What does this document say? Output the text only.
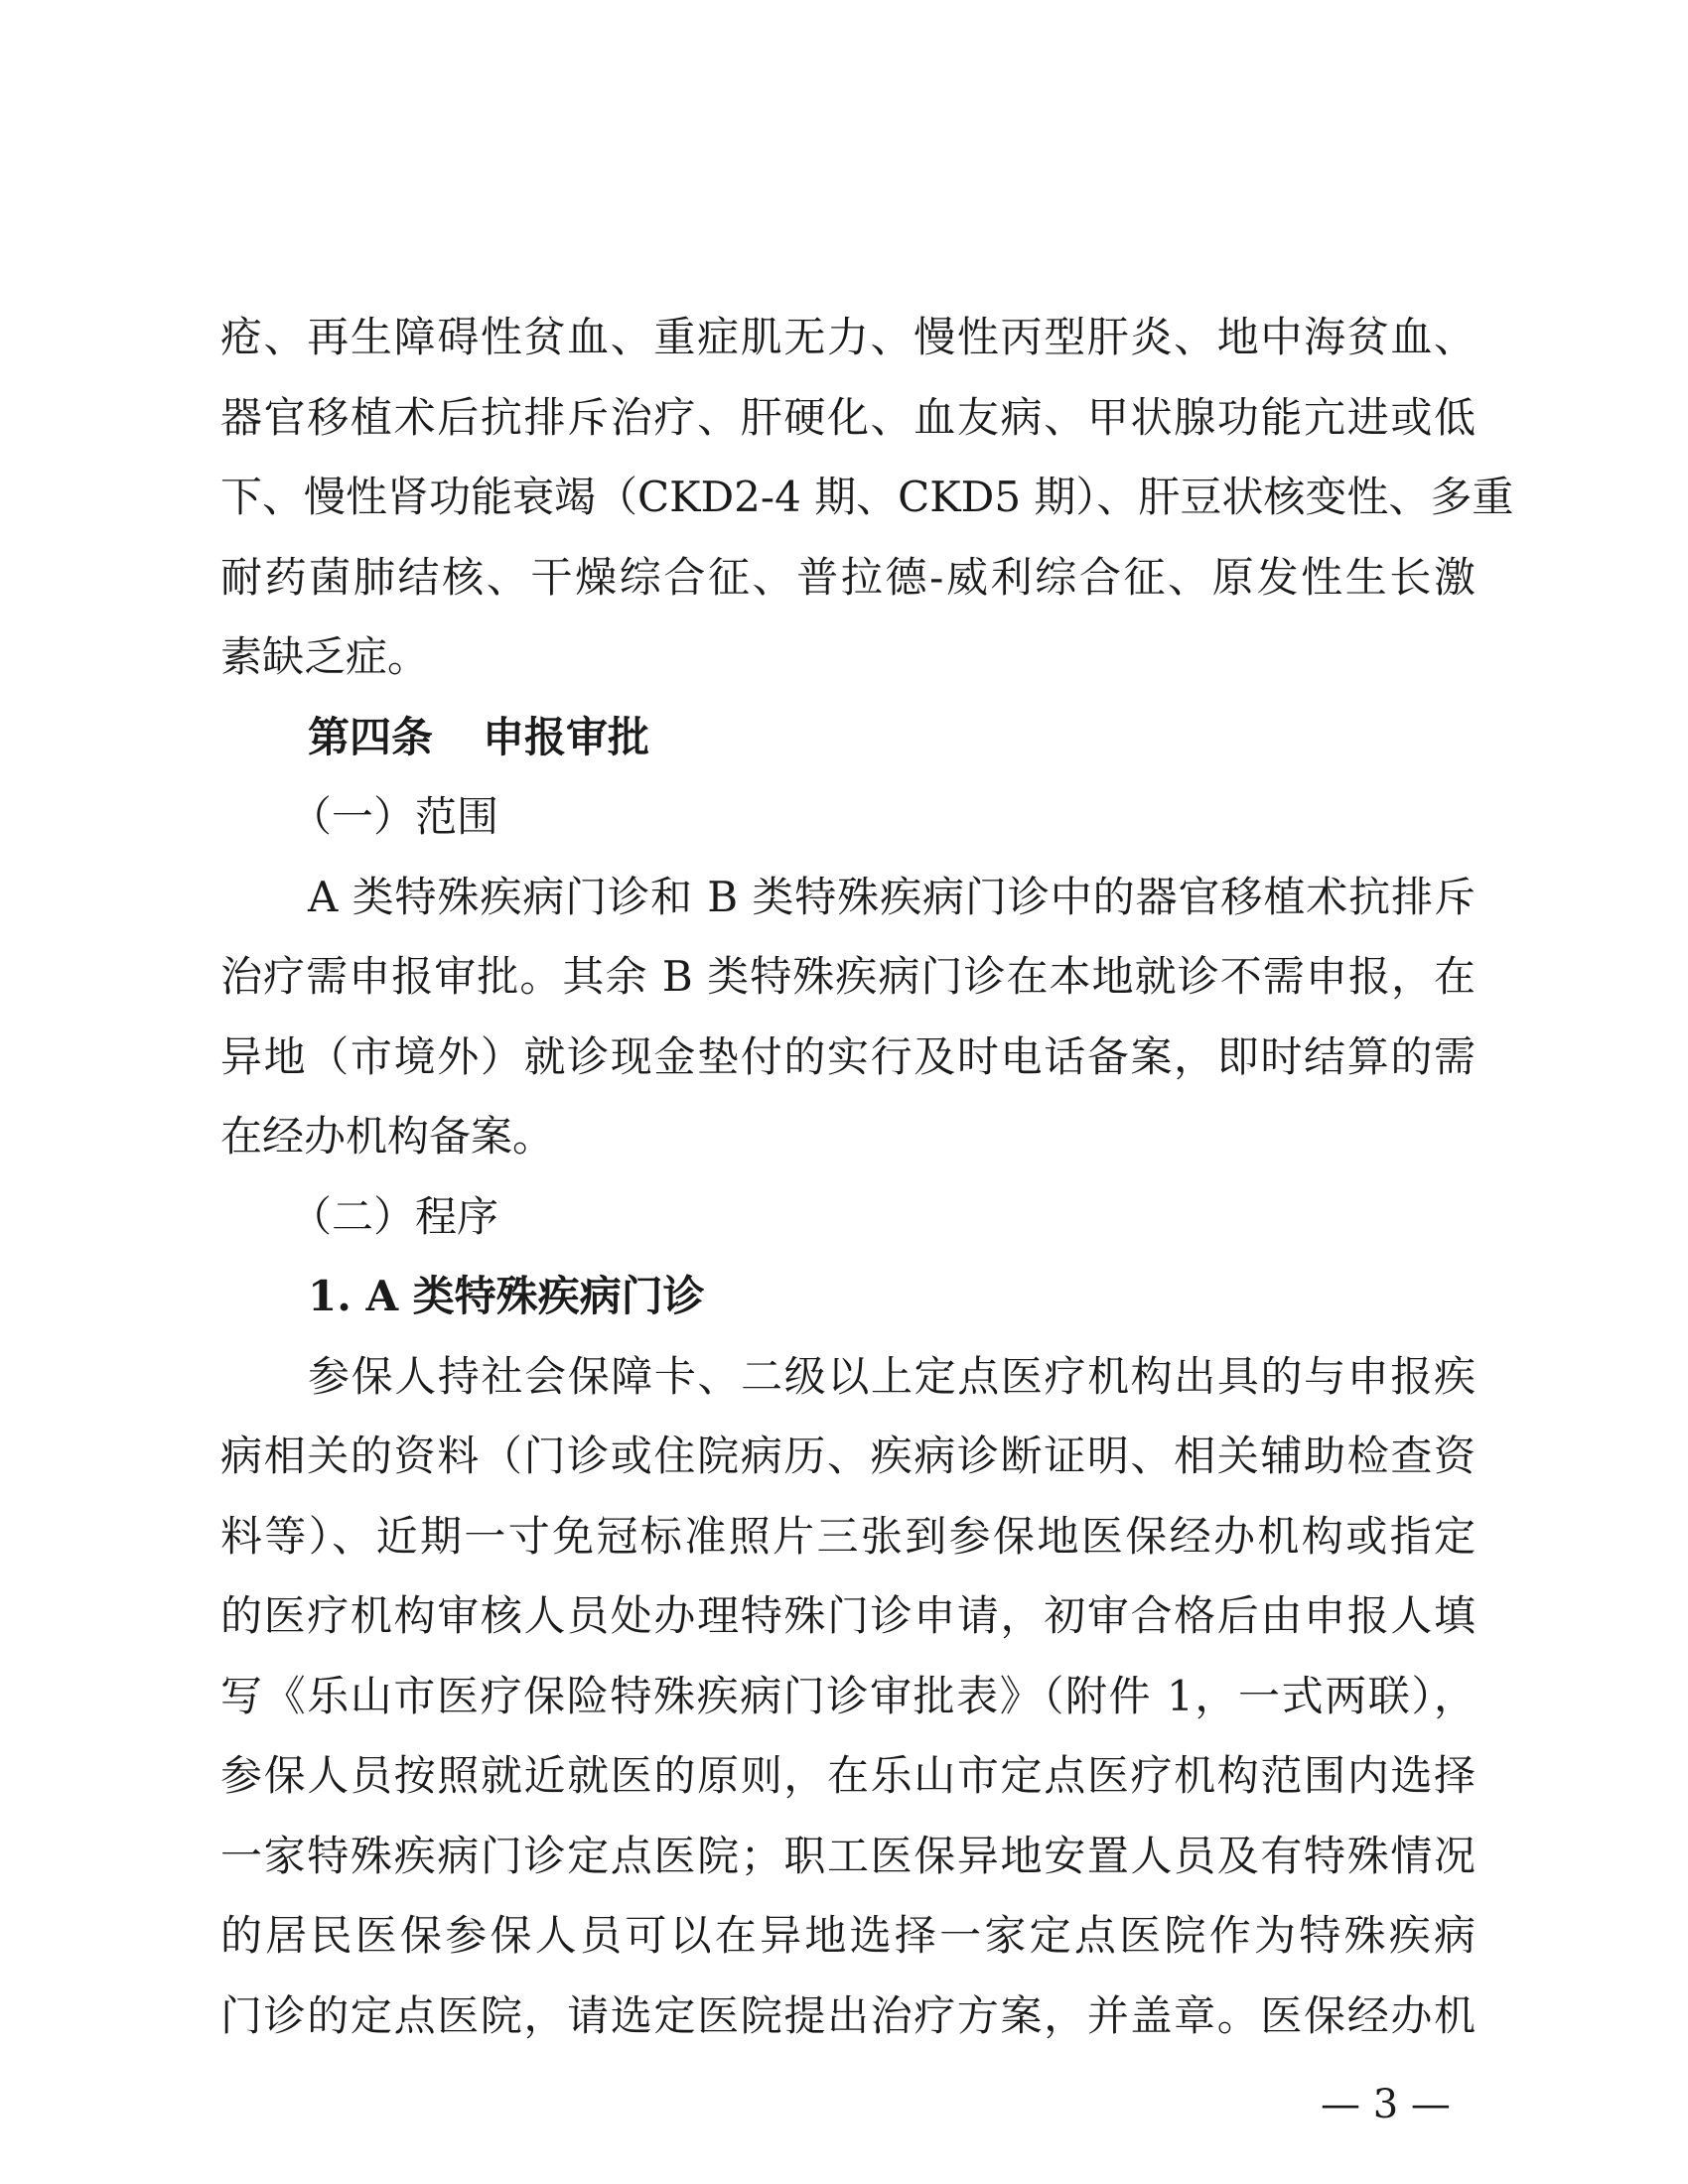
疮、再生障碍性贫血、重症肌无力、慢性丙型肝炎、地中海贫血、
器官移植术后抗排斥治疗、肝硬化、血友病、甲状腺功能亢进或低
下、慢性肾功能衰竭（CKD2-4 期、CKD5 期）、肝豆状核变性、多重
耐药菌肺结核、干燥综合征、普拉德-威利综合征、原发性生长激
素缺乏症。
第四条 申报审批
（一）范围
A 类特殊疾病门诊和 B 类特殊疾病门诊中的器官移植术抗排斥
治疗需申报审批。其余 B 类特殊疾病门诊在本地就诊不需申报，在
异地（市境外）就诊现金垫付的实行及时电话备案，即时结算的需
在经办机构备案。
（二）程序
1. A 类特殊疾病门诊
参保人持社会保障卡、二级以上定点医疗机构出具的与申报疾
病相关的资料（门诊或住院病历、疾病诊断证明、相关辅助检查资
料等）、近期一寸免冠标准照片三张到参保地医保经办机构或指定
的医疗机构审核人员处办理特殊门诊申请，初审合格后由申报人填
写《乐山市医疗保险特殊疾病门诊审批表》（附件 1，一式两联），
参保人员按照就近就医的原则，在乐山市定点医疗机构范围内选择
一家特殊疾病门诊定点医院；职工医保异地安置人员及有特殊情况
的居民医保参保人员可以在异地选择一家定点医院作为特殊疾病
门诊的定点医院，请选定医院提出治疗方案，并盖章。医保经办机
— 3 —
